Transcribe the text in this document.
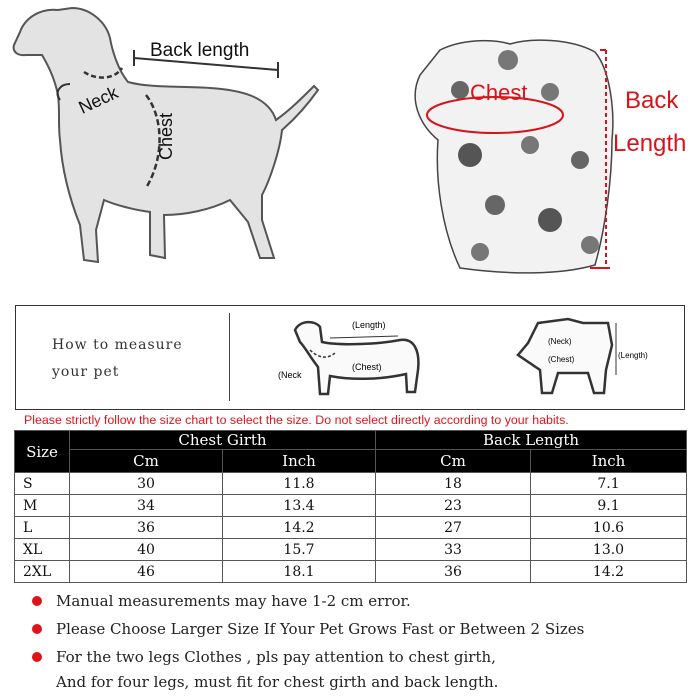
Back length
Neck
Chest
Chest	Back
Length
How to measure
your pet
(Length)
(Neck
(Chest)
(Neck)
(Chest)	(Length)
Please strictly follow the size chart to select the size. Do not select directly according to your habits.
Size	Chest Girth		Back Length	
	Cm	Inch	Cm	Inch
S	30	11.8	18	7.1
M	34	13.4	23	9.1
L	36	14.2	27	10.6
XL	40	15.7	33	13.0
2XL	46	18.1	36	14.2
Manual measurements may have 1-2 cm error.
Please Choose Larger Size If Your Pet Grows Fast or Between 2 Sizes
For the two legs Clothes , pls pay attention to chest girth,
And for four legs, must fit for chest girth and back length.
